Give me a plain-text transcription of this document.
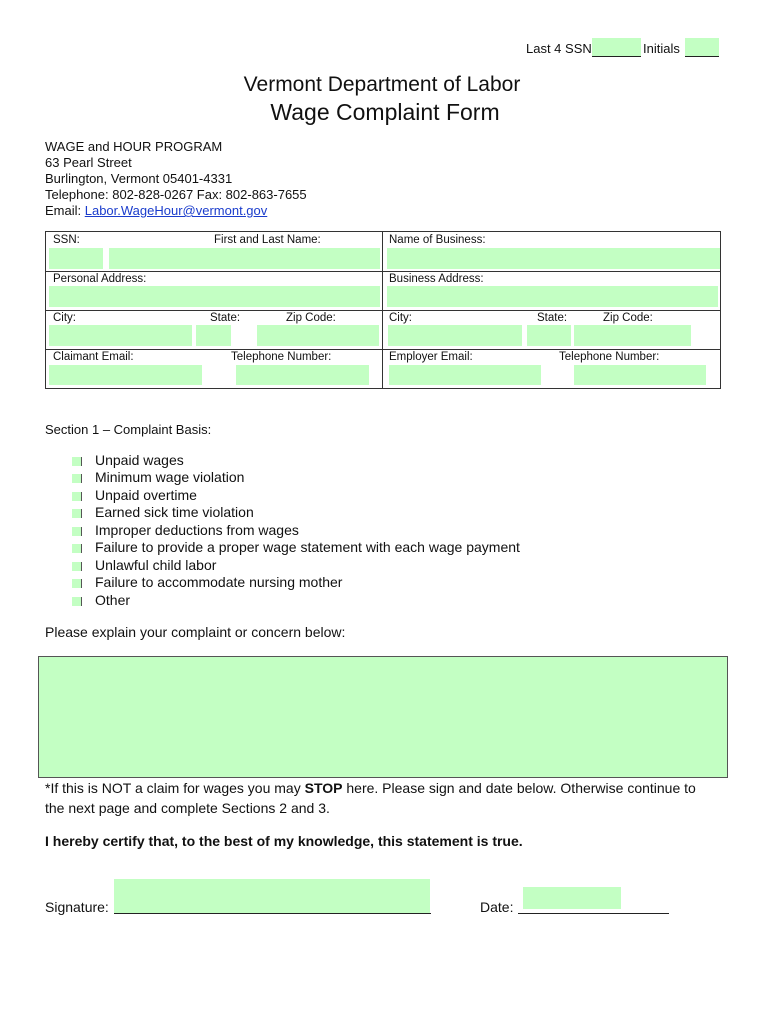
Last 4 SSN	Initials
Vermont Department of Labor
Wage Complaint Form
WAGE and HOUR PROGRAM
63 Pearl Street
Burlington, Vermont 05401-4331
Telephone: 802-828-0267 Fax: 802-863-7655
Email: Labor.WageHour@vermont.gov
SSN:	First and Last Name:	Name of Business:
Personal Address:	Business Address:
City:	State:	Zip Code:	City:	State:	Zip Code:
Claimant Email:	Telephone Number:	Employer Email:	Telephone Number:
Section 1 – Complaint Basis:
Unpaid wages
Minimum wage violation
Unpaid overtime
Earned sick time violation
Improper deductions from wages
Failure to provide a proper wage statement with each wage payment
Unlawful child labor
Failure to accommodate nursing mother
Other
Please explain your complaint or concern below:
*If this is NOT a claim for wages you may STOP here. Please sign and date below. Otherwise continue to
the next page and complete Sections 2 and 3.
I hereby certify that, to the best of my knowledge, this statement is true.
Signature:	Date:
